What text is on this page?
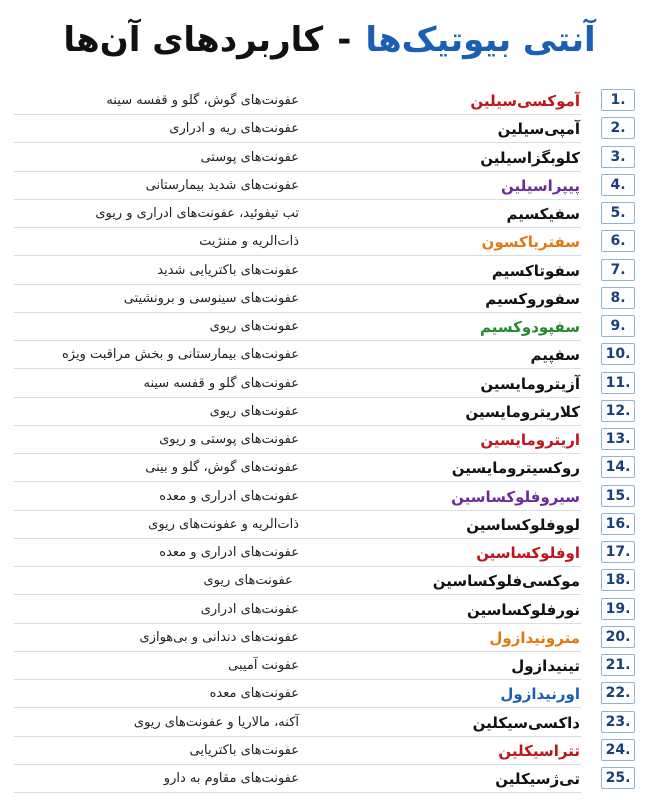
آنتی بیوتیک‌ها-کاربردهای آن‌ها
1.
آموکسی‌سیلین
عفونت‌های گوش، گلو و قفسه سینه
2.
آمپی‌سیلین
عفونت‌های ریه و ادراری
3.
کلوبگزاسیلین
عفونت‌های پوستی
4.
پیپراسیلین
عفونت‌های شدید بیمارستانی
5.
سفیکسیم
تب تیفوئید، عفونت‌های ادراری و ریوی
6.
سفتریاکسون
ذات‌الریه و مننژیت
7.
سفوتاکسیم
عفونت‌های باکتریایی شدید
8.
سفوروکسیم
عفونت‌های سینوسی و برونشیتی
9.
سفپودوکسیم
عفونت‌های ریوی
10.
سفپیم
عفونت‌های بیمارستانی و بخش مراقبت ویژه
11.
آزیترومایسین
عفونت‌های گلو و قفسه سینه
12.
کلاریترومایسین
عفونت‌های ریوی
13.
اریترومایسین
عفونت‌های پوستی و ریوی
14.
روکسیترومایسین
عفونت‌های گوش، گلو و بینی
15.
سیروفلوکساسین
عفونت‌های ادراری و معده
16.
لووفلوکساسین
ذات‌الریه و عفونت‌های ریوی
17.
اوفلوکساسین
عفونت‌های ادراری و معده
18.
موکسی‌فلوکساسین
عفونت‌های ریوی
19.
نورفلوکساسین
عفونت‌های ادراری
20.
مترونیدازول
عفونت‌های دندانی و بی‌هوازی
21.
تینیدازول
عفونت آمیبی
22.
اورنیدازول
عفونت‌های معده
23.
داکسی‌سیکلین
آکنه، مالاریا و عفونت‌های ریوی
24.
تتراسیکلین
عفونت‌های باکتریایی
25.
تی‌ژسیکلین
عفونت‌های مقاوم به دارو
